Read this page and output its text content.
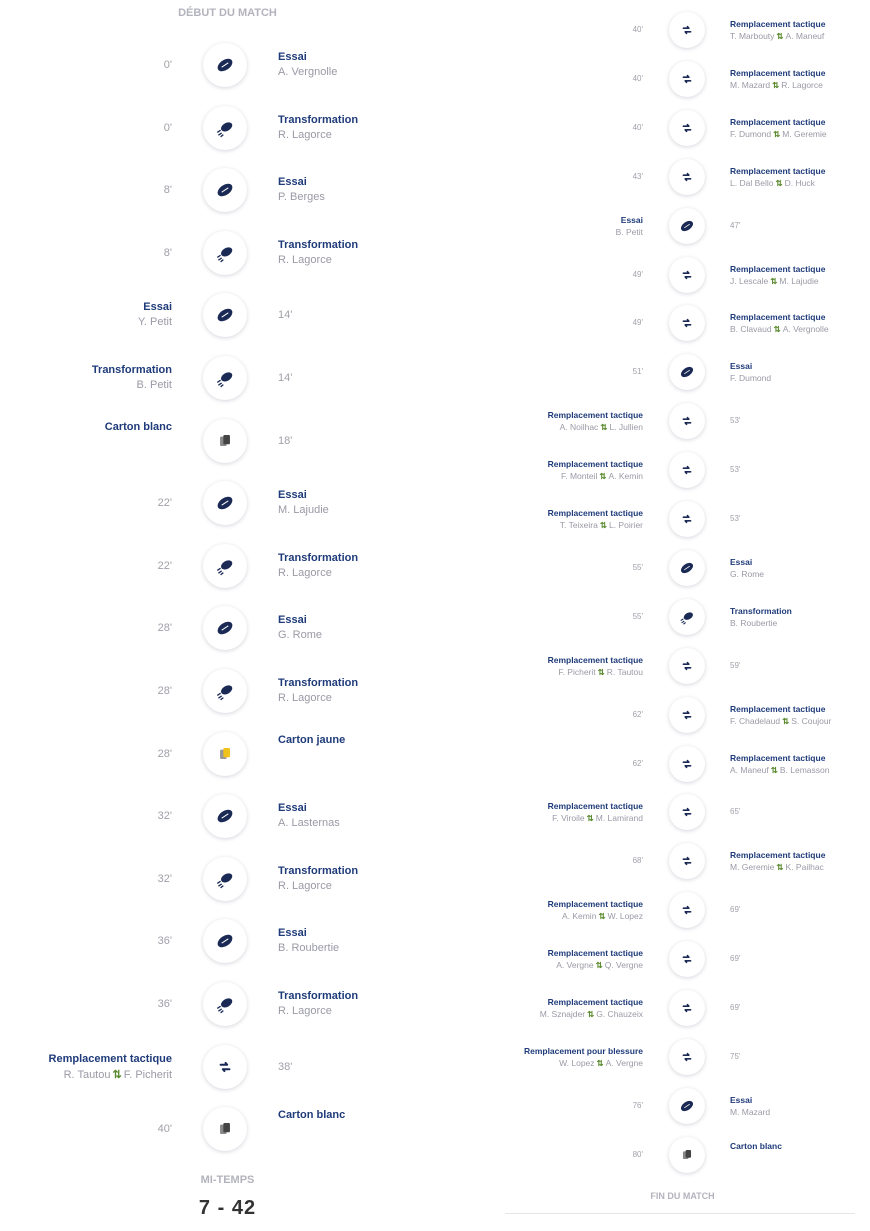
DÉBUT DU MATCH
Essai
A. Vergnolle
0'
Transformation
R. Lagorce
0'
Essai
P. Berges
8'
Transformation
R. Lagorce
8'
Essai
Y. Petit
14'
Transformation
B. Petit
14'
Carton blanc
18'
Essai
M. Lajudie
22'
Transformation
R. Lagorce
22'
Essai
G. Rome
28'
Transformation
R. Lagorce
28'
Carton jaune
28'
Essai
A. Lasternas
32'
Transformation
R. Lagorce
32'
Essai
B. Roubertie
36'
Transformation
R. Lagorce
36'
Remplacement tactique
R. Tautou ⇅ F. Picherit
38'
Carton blanc
40'
MI-TEMPS
7 - 42
Remplacement tactique
T. Marbouty ⇅ A. Maneuf
40'
Remplacement tactique
M. Mazard ⇅ R. Lagorce
40'
Remplacement tactique
F. Dumond ⇅ M. Geremie
40'
Remplacement tactique
L. Dal Bello ⇅ D. Huck
43'
Essai
B. Petit
47'
Remplacement tactique
J. Lescale ⇅ M. Lajudie
49'
Remplacement tactique
B. Clavaud ⇅ A. Vergnolle
49'
Essai
F. Dumond
51'
Remplacement tactique
A. Noilhac ⇅ L. Jullien
53'
Remplacement tactique
F. Monteil ⇅ A. Kemin
53'
Remplacement tactique
T. Teixeira ⇅ L. Poirier
53'
Essai
G. Rome
55'
Transformation
B. Roubertie
55'
Remplacement tactique
F. Picherit ⇅ R. Tautou
59'
Remplacement tactique
F. Chadelaud ⇅ S. Coujour
62'
Remplacement tactique
A. Maneuf ⇅ B. Lemasson
62'
Remplacement tactique
F. Viroile ⇅ M. Lamirand
65'
Remplacement tactique
M. Geremie ⇅ K. Pailhac
68'
Remplacement tactique
A. Kemin ⇅ W. Lopez
69'
Remplacement tactique
A. Vergne ⇅ Q. Vergne
69'
Remplacement tactique
M. Sznajder ⇅ G. Chauzeix
69'
Remplacement pour blessure
W. Lopez ⇅ A. Vergne
75'
Essai
M. Mazard
76'
Carton blanc
80'
FIN DU MATCH
